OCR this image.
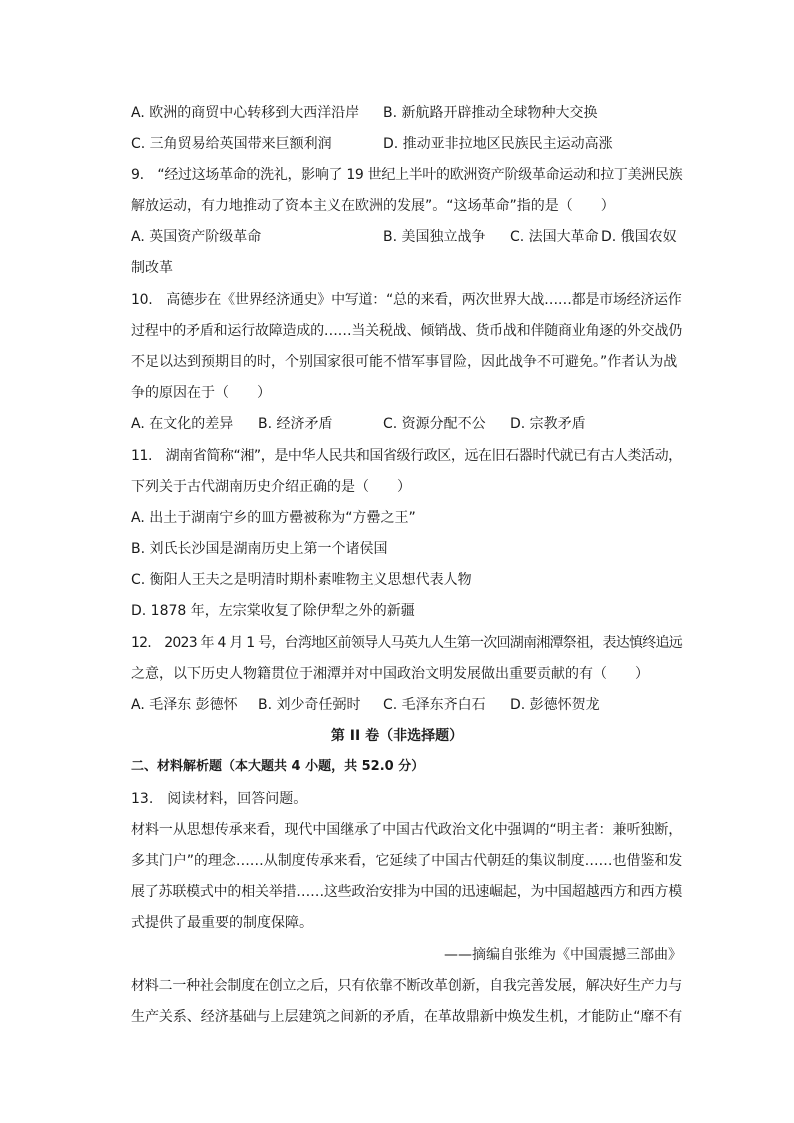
A. 欧洲的商贸中心转移到大西洋沿岸 B. 新航路开辟推动全球物种大交换
C. 三角贸易给英国带来巨额利润	D. 推动亚非拉地区民族民主运动高涨
9.　“经过这场革命的洗礼，影响了 19 世纪上半叶的欧洲资产阶级革命运动和拉丁美洲民族
解放运动，有力地推动了资本主义在欧洲的发展”。“这场革命”指的是（　　）
A. 英国资产阶级革命	B. 美国独立战争 C. 法国大革命 D. 俄国农奴
制改革
10.　高德步在《世界经济通史》中写道：“总的来看，两次世界大战……都是市场经济运作
过程中的矛盾和运行故障造成的……当关税战、倾销战、货币战和伴随商业角逐的外交战仍
不足以达到预期目的时，个别国家很可能不惜军事冒险，因此战争不可避免。”作者认为战
争的原因在于（　　）
A. 在文化的差异 B. 经济矛盾	C. 资源分配不公 D. 宗教矛盾
11.　湖南省简称“湘”，是中华人民共和国省级行政区，远在旧石器时代就已有古人类活动，
下列关于古代湖南历史介绍正确的是（　　）
A. 出土于湖南宁乡的皿方罍被称为“方罍之王”
B. 刘氏长沙国是湖南历史上第一个诸侯国
C. 衡阳人王夫之是明清时期朴素唯物主义思想代表人物
D. 1878 年，左宗棠收复了除伊犁之外的新疆
12.　2023 年 4 月 1 号，台湾地区前领导人马英九人生第一次回湖南湘潭祭祖，表达慎终追远
之意，以下历史人物籍贯位于湘潭并对中国政治文明发展做出重要贡献的有（　　）
A. 毛泽东 彭德怀 B. 刘少奇任弼时 C. 毛泽东齐白石 D. 彭德怀贺龙
第 II 卷（非选择题）
二、材料解析题（本大题共 4 小题，共 52.0 分）
13.　阅读材料，回答问题。
材料一从思想传承来看，现代中国继承了中国古代政治文化中强调的“明主者：兼听独断，
多其门户”的理念……从制度传承来看，它延续了中国古代朝廷的集议制度……也借鉴和发
展了苏联模式中的相关举措……这些政治安排为中国的迅速崛起，为中国超越西方和西方模
式提供了最重要的制度保障。
——摘编自张维为《中国震撼三部曲》
材料二一种社会制度在创立之后，只有依靠不断改革创新，自我完善发展，解决好生产力与
生产关系、经济基础与上层建筑之间新的矛盾，在革故鼎新中焕发生机，才能防止“靡不有
